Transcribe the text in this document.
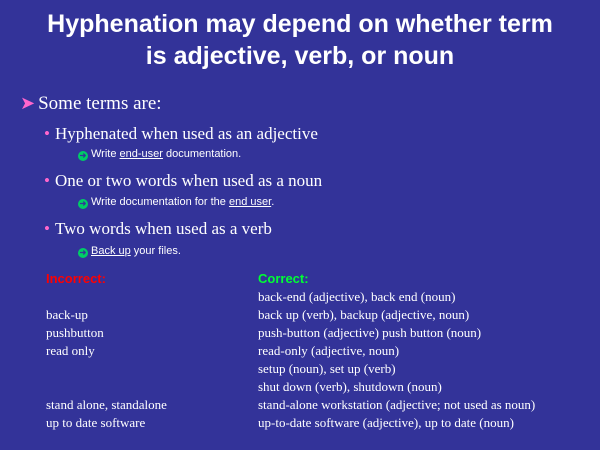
Hyphenation may depend on whether term
is adjective, verb, or noun
➤ Some terms are:
• Hyphenated when used as an adjective
➜ Write end-user documentation.
• One or two words when used as a noun
➜ Write documentation for the end user.
• Two words when used as a verb
➜ Back up your files.
Incorrect:	Correct:
back-up
pushbutton
read only
stand alone, standalone
up to date software
back-end (adjective), back end (noun)
back up (verb), backup (adjective, noun)
push-button (adjective) push button (noun)
read-only (adjective, noun)
setup (noun), set up (verb)
shut down (verb), shutdown (noun)
stand-alone workstation (adjective; not used as noun)
up-to-date software (adjective), up to date (noun)
